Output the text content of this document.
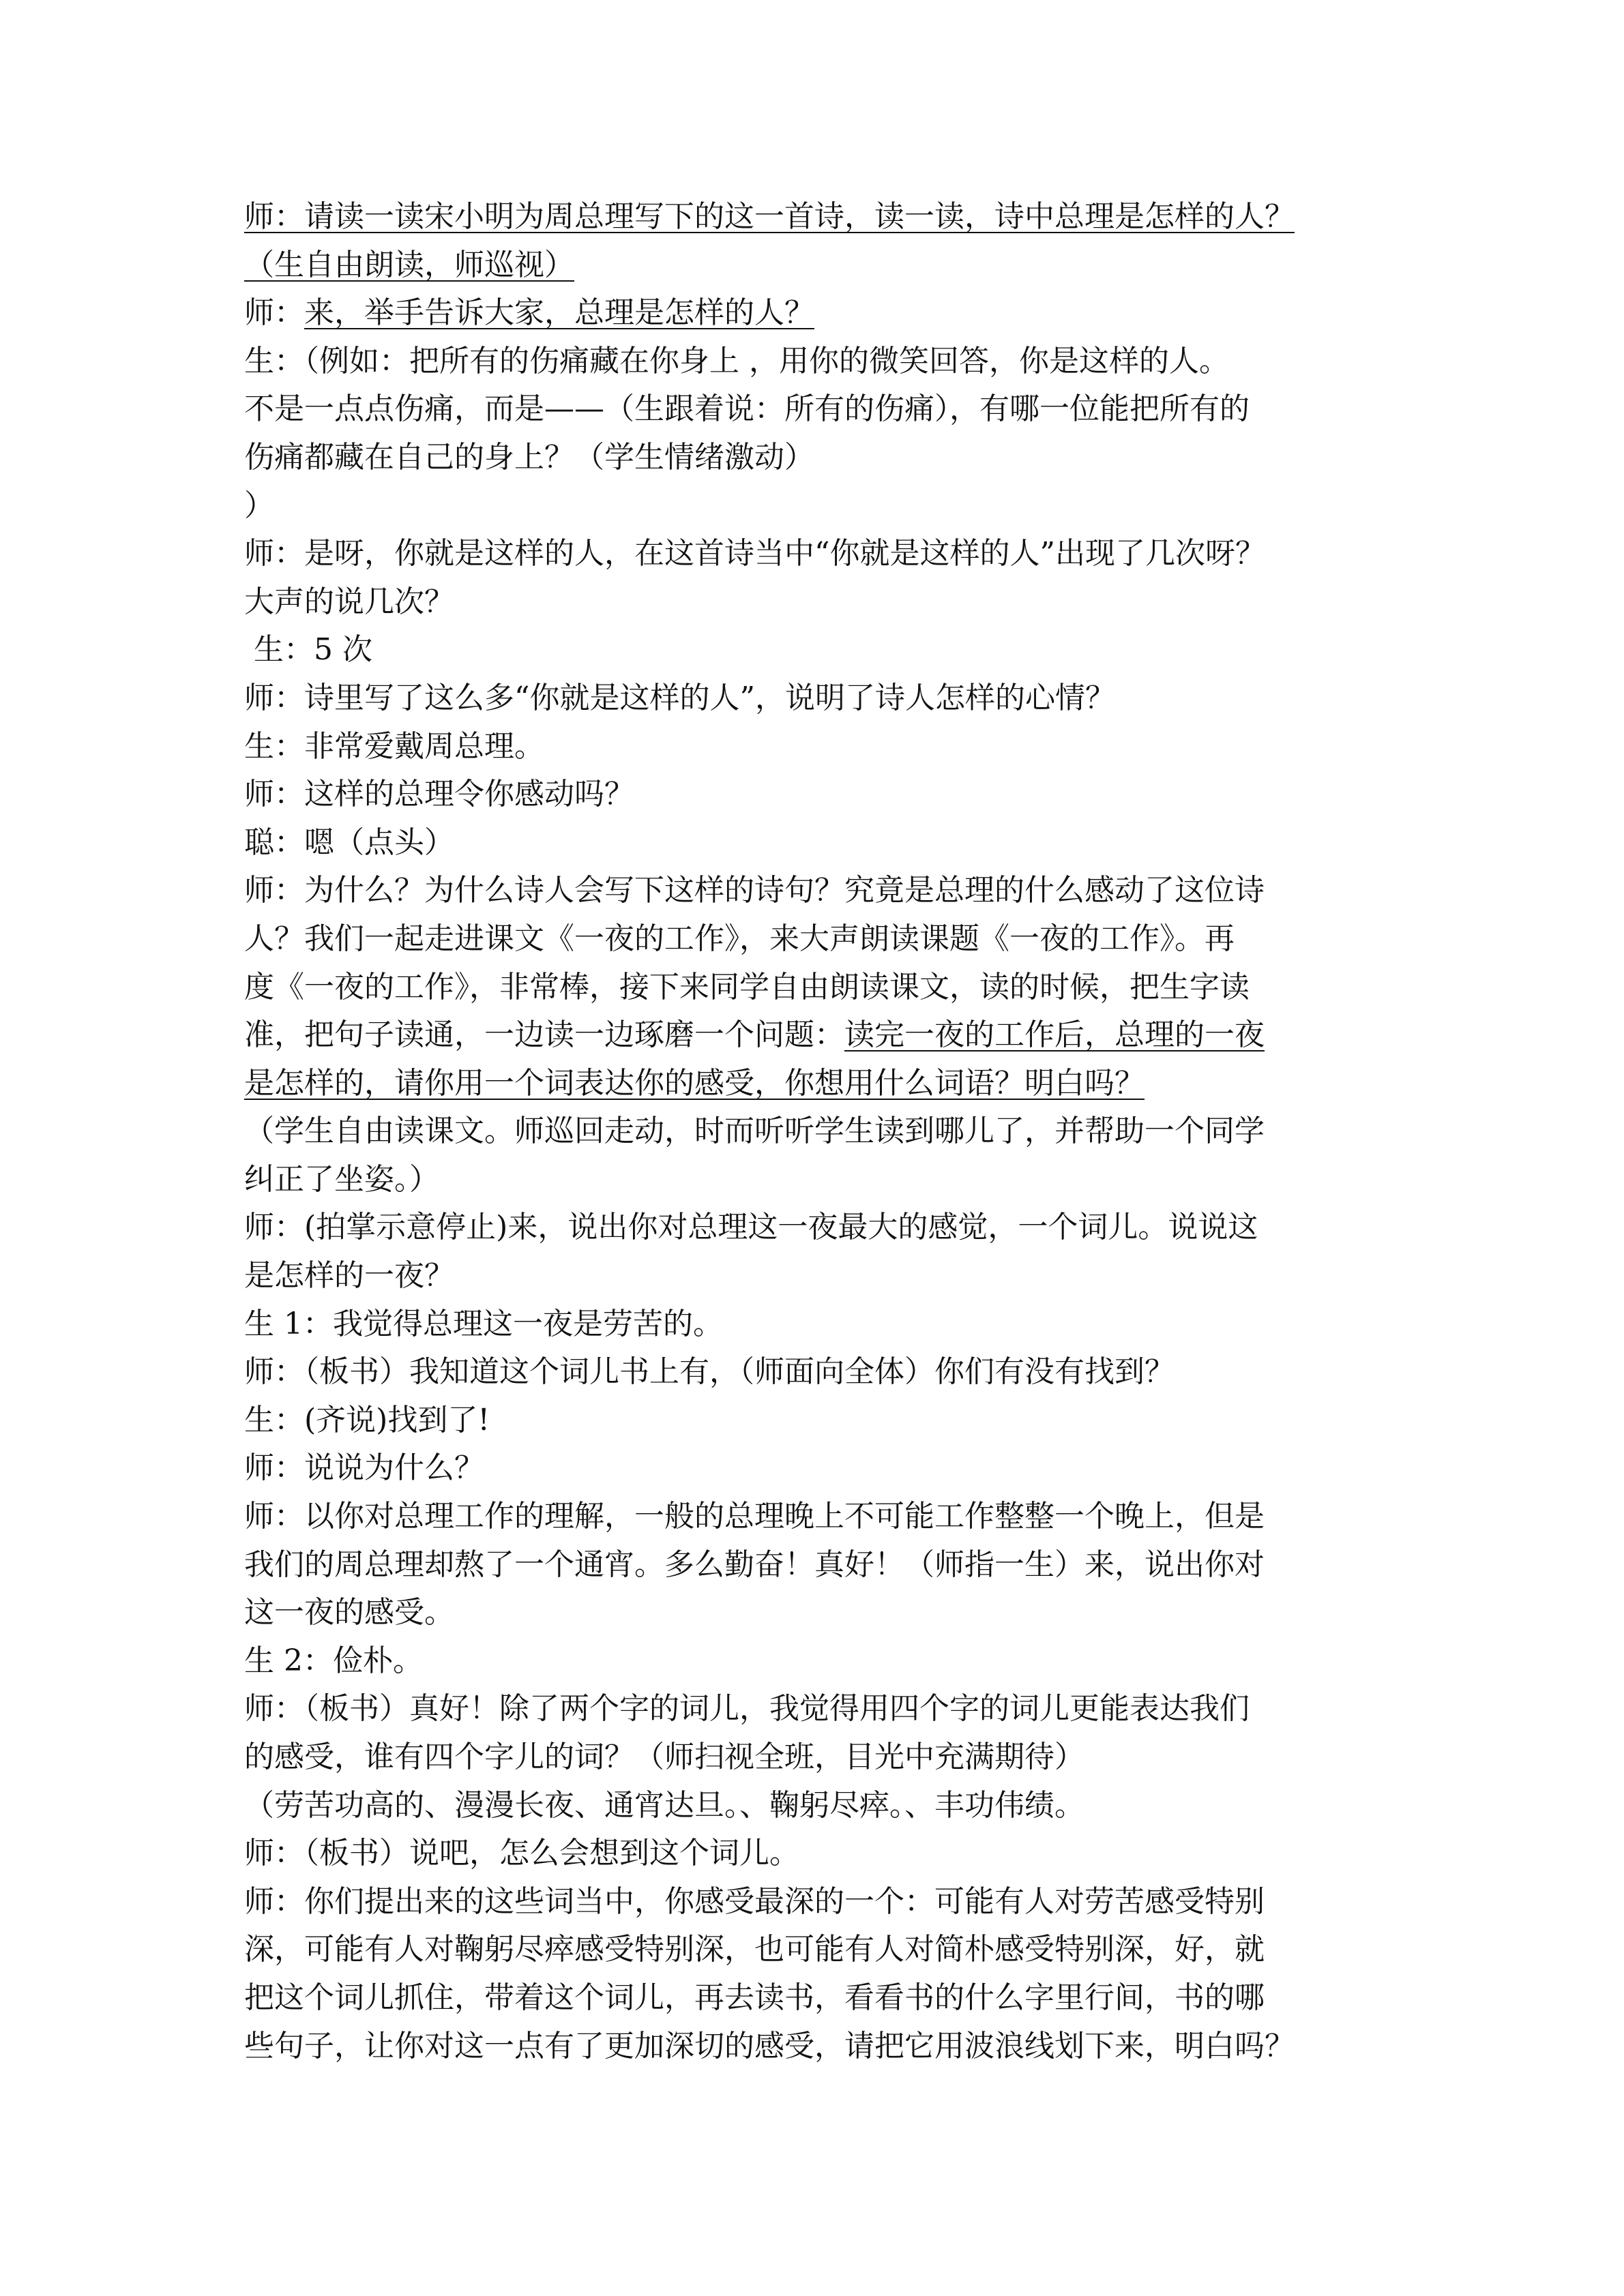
师：请读一读宋小明为周总理写下的这一首诗，读一读，诗中总理是怎样的人？
（生自由朗读，师巡视）
师：来，举手告诉大家，总理是怎样的人？
生：（例如：把所有的伤痛藏在你身上 ，用你的微笑回答，你是这样的人。
不是一点点伤痛，而是——（生跟着说：所有的伤痛），有哪一位能把所有的
伤痛都藏在自己的身上？（学生情绪激动）
）
师：是呀，你就是这样的人，在这首诗当中“你就是这样的人”出现了几次呀？
大声的说几次？
生：5 次
师：诗里写了这么多“你就是这样的人”，说明了诗人怎样的心情？
生：非常爱戴周总理。
师：这样的总理令你感动吗？
聪：嗯（点头）
师：为什么？为什么诗人会写下这样的诗句？究竟是总理的什么感动了这位诗
人？我们一起走进课文《一夜的工作》，来大声朗读课题《一夜的工作》。再
度《一夜的工作》，非常棒，接下来同学自由朗读课文，读的时候，把生字读
准，把句子读通，一边读一边琢磨一个问题：读完一夜的工作后，总理的一夜
是怎样的，请你用一个词表达你的感受，你想用什么词语？明白吗？
（学生自由读课文。师巡回走动，时而听听学生读到哪儿了，并帮助一个同学
纠正了坐姿。）
师：(拍掌示意停止)来，说出你对总理这一夜最大的感觉，一个词儿。说说这
是怎样的一夜？
生 1：我觉得总理这一夜是劳苦的。
师：（板书）我知道这个词儿书上有，（师面向全体）你们有没有找到？
生：(齐说)找到了!
师：说说为什么？
师：以你对总理工作的理解，一般的总理晚上不可能工作整整一个晚上，但是
我们的周总理却熬了一个通宵。多么勤奋！真好！（师指一生）来，说出你对
这一夜的感受。
生 2：俭朴。
师：（板书）真好！除了两个字的词儿，我觉得用四个字的词儿更能表达我们
的感受，谁有四个字儿的词？（师扫视全班，目光中充满期待）
（劳苦功高的、漫漫长夜、通宵达旦。、鞠躬尽瘁。、丰功伟绩。
师：（板书）说吧，怎么会想到这个词儿。
师：你们提出来的这些词当中，你感受最深的一个：可能有人对劳苦感受特别
深，可能有人对鞠躬尽瘁感受特别深，也可能有人对简朴感受特别深，好，就
把这个词儿抓住，带着这个词儿，再去读书，看看书的什么字里行间，书的哪
些句子，让你对这一点有了更加深切的感受，请把它用波浪线划下来，明白吗？
